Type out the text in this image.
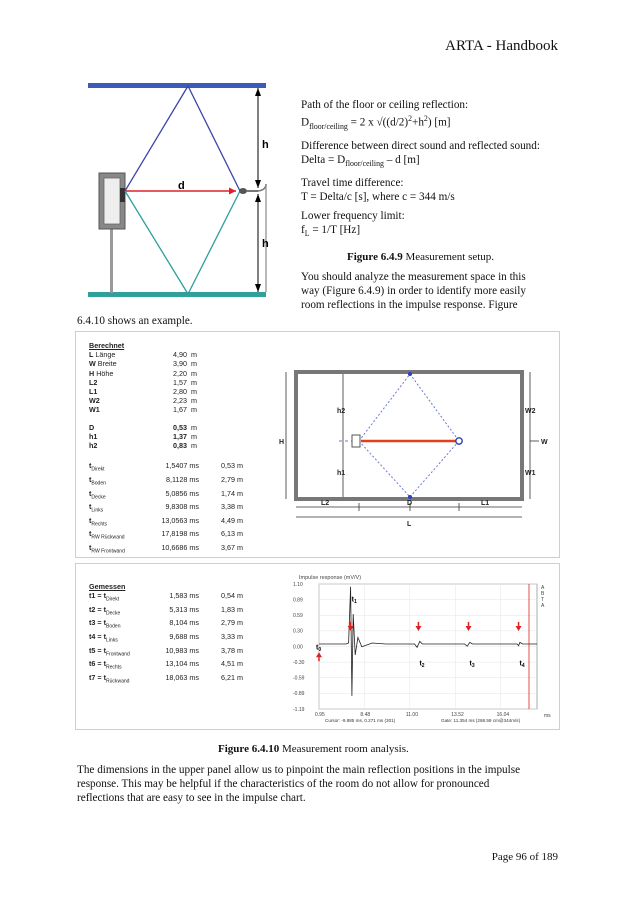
ARTA - Handbook
h
h
d
Path of the floor or ceiling reflection:
$D_{floor/ceiling} = 2$ x $√((d/2)^2+h^2)$ [m]
Difference between direct sound and reflected sound:
Delta = $D_{floor/ceiling}$ – d [m]
Travel time difference:
T = Delta/c [s], where c = 344 m/s
Lower frequency limit:
$f_L = 1/T$ [Hz]
Figure 6.4.9 Measurement setup.
You should analyze the measurement space in this
way (Figure 6.4.9) in order to identify more easily
room reflections in the impulse response. Figure
6.4.10 shows an example.
Berechnet
L Länge	4,90 m
W Breite	3,90 m
H Höhe	2,20 m
L2	1,57 m
L1	2,80 m
W2	2,23 m
W1	1,67 m
D	0,53 m
h1	1,37 m
h2	0,83 m
$t_{Direkt}$	1,5407 ms	0,53 m
$t_{Boden}$	8,1128 ms	2,79 m
$t_{Decke}$	5,0856 ms	1,74 m
$t_{Links}$	9,8308 ms	3,38 m
$t_{Rechts}$	13,0563 ms	4,49 m
$t_{RW Rückwand}$	17,8198 ms	6,13 m
$t_{RW Frontwand}$	10,6686 ms	3,67 m
h2
h1
H
W2
W
W1
L2	D	L1
L
Gemessen
$t1 = t_{Direkt}$	1,583 ms	0,54 m
$t2 = t_{Decke}$	5,313 ms	1,83 m
$t3 = t_{Boden}$	8,104 ms	2,79 m
$t4 = t_{Links}$	9,688 ms	3,33 m
$t5 = t_{Frontwand}$	10,983 ms	3,78 m
$t6 = t_{Rechts}$	13,104 ms	4,51 m
$t7 = t_{Rückwand}$	18,063 ms	6,21 m
Impulse response (mV/V)
1.10
0.89
0.59
0.30
0.00
-0.30
-0.59
-0.89
-1.19
0.95	8.48	11.00	13.52	16.04	ms
A
B
T
A
$t_0$
$t_1$
$t_2$	$t_3$	$t_4$
Cursor: -9.885 ms, 0.271 ms (301)	Gate: 11.354 ms (268.59 cm@344m/s)
Figure 6.4.10 Measurement room analysis.
The dimensions in the upper panel allow us to pinpoint the main reflection positions in the impulse
response. This may be helpful if the characteristics of the room do not allow for pronounced
reflections that are easy to see in the impulse chart.
Page 96 of 189
